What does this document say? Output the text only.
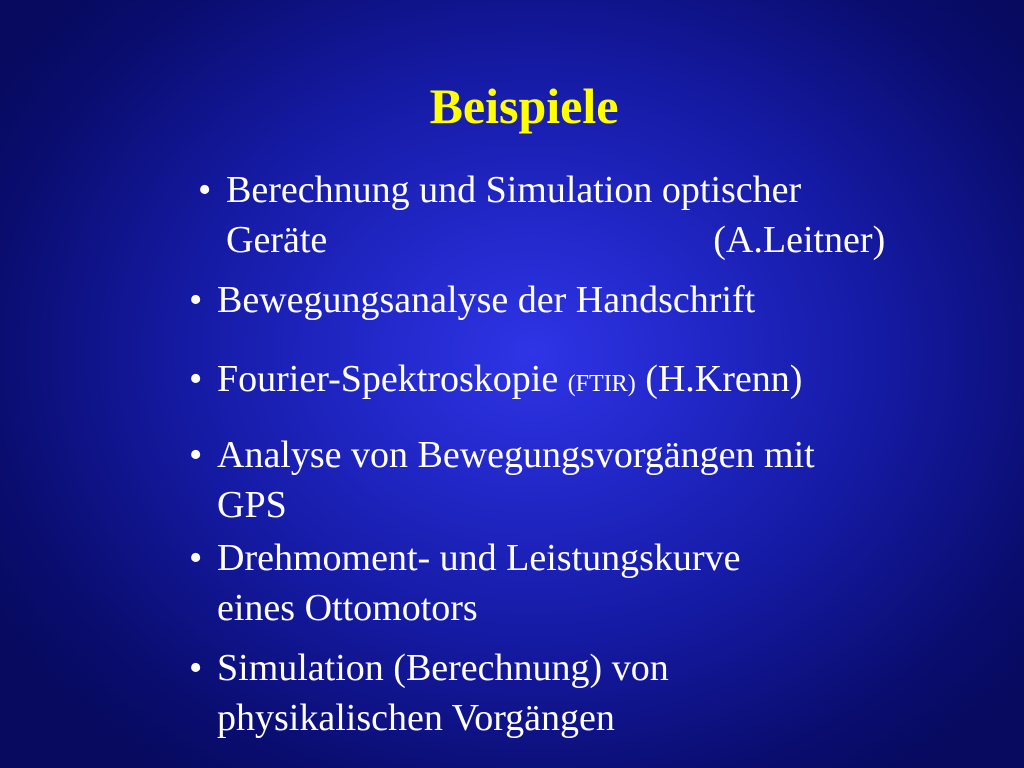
Beispiele
• Berechnung und Simulation optischer
Geräte	(A.Leitner)
• Bewegungsanalyse der Handschrift
• Fourier-Spektroskopie (FTIR) (H.Krenn)
• Analyse von Bewegungsvorgängen mit
GPS
• Drehmoment- und Leistungskurve
eines Ottomotors
• Simulation (Berechnung) von
physikalischen Vorgängen
